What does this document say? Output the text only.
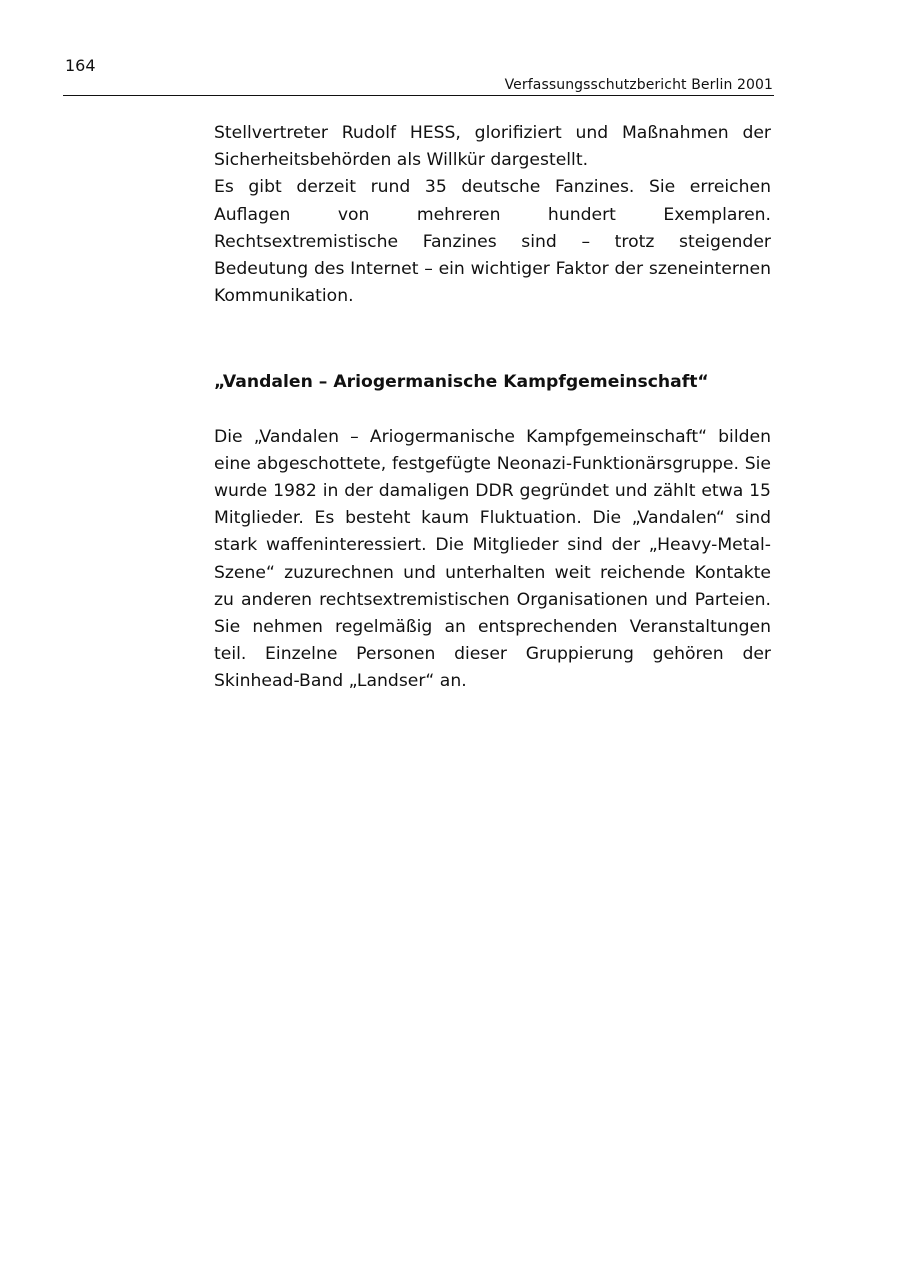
164
Verfassungsschutzbericht Berlin 2001

Stellvertreter Rudolf HESS, glorifiziert und Maßnahmen der Sicherheitsbehörden als Willkür dargestellt.

Es gibt derzeit rund 35 deutsche Fanzines. Sie erreichen Auflagen von mehreren hundert Exemplaren. Rechtsextremistische Fanzines sind – trotz steigender Bedeutung des Internet – ein wichtiger Faktor der szeneinternen Kommunikation.

„Vandalen – Ariogermanische Kampfgemeinschaft“

Die „Vandalen – Ariogermanische Kampfgemeinschaft“ bilden eine abgeschottete, festgefügte Neonazi-Funktionärsgruppe. Sie wurde 1982 in der damaligen DDR gegründet und zählt etwa 15 Mitglieder. Es besteht kaum Fluktuation. Die „Vandalen“ sind stark waffeninteressiert. Die Mitglieder sind der „Heavy-Metal-Szene“ zuzurechnen und unterhalten weit reichende Kontakte zu anderen rechtsextremistischen Organisationen und Parteien. Sie nehmen regelmäßig an entsprechenden Veranstaltungen teil. Einzelne Personen dieser Gruppierung gehören der Skinhead-Band „Landser“ an.
